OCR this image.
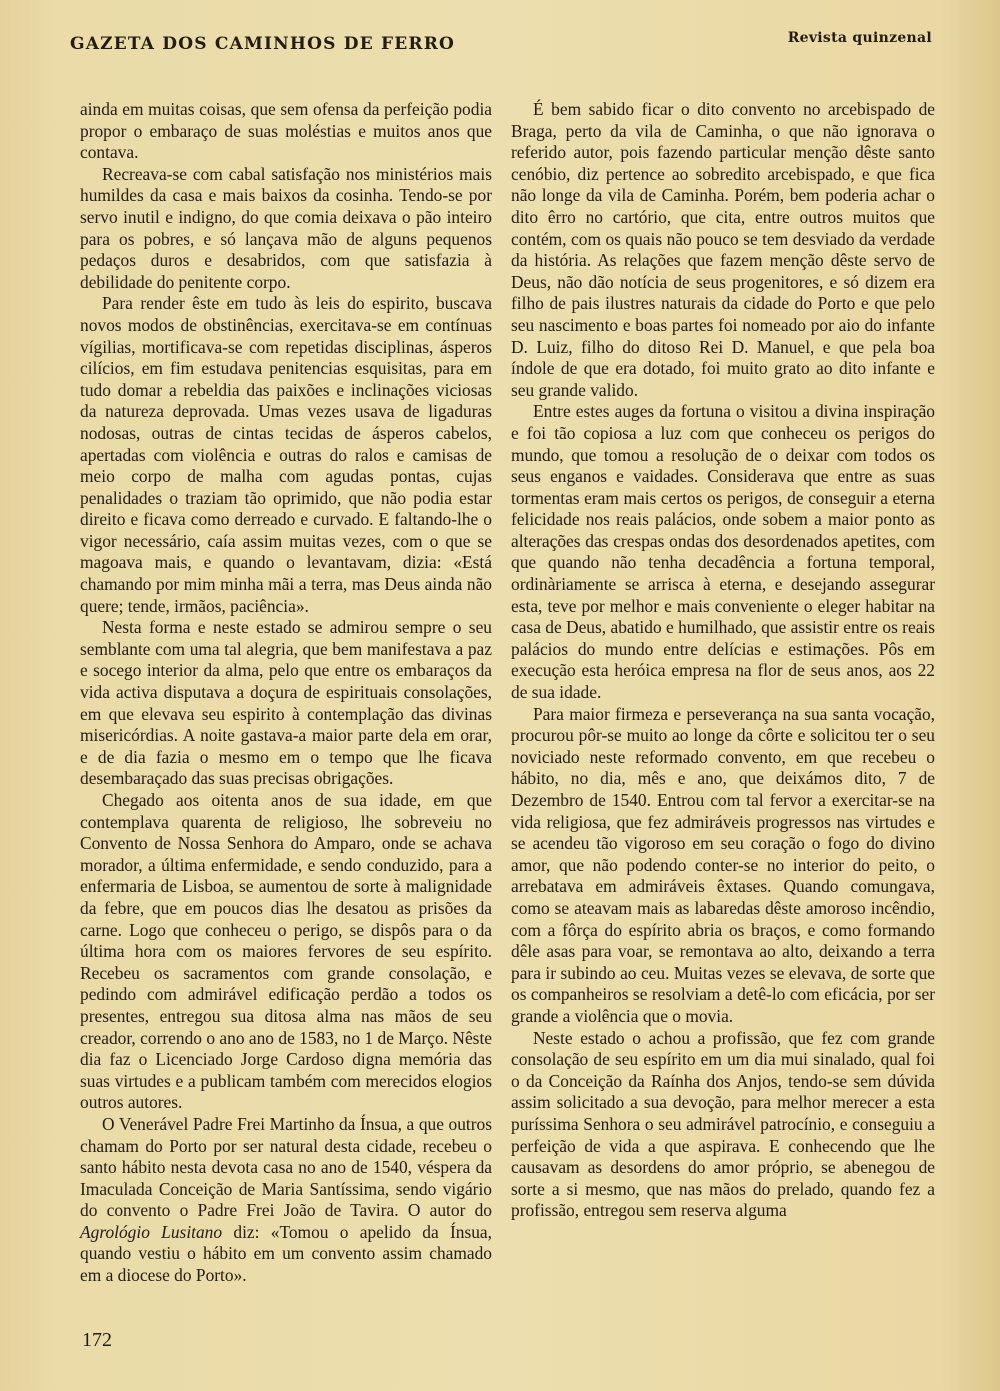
GAZETA DOS CAMINHOS DE FERRO	Revista quinzenal

ainda em muitas coisas, que sem ofensa da perfeição podia propor o embaraço de suas moléstias e muitos anos que contava.

Recreava-se com cabal satisfação nos ministérios mais humildes da casa e mais baixos da cosinha. Tendo-se por servo inutil e indigno, do que comia deixava o pão inteiro para os pobres, e só lançava mão de alguns pequenos pedaços duros e desabridos, com que satisfazia à debilidade do penitente corpo.

Para render êste em tudo às leis do espirito, buscava novos modos de obstinências, exercitava-se em contínuas vígilias, mortificava-se com repetidas disciplinas, ásperos cilícios, em fim estudava penitencias esquisitas, para em tudo domar a rebeldia das paixões e inclinações viciosas da natureza deprovada. Umas vezes usava de ligaduras nodosas, outras de cintas tecidas de ásperos cabelos, apertadas com violência e outras do ralos e camisas de meio corpo de malha com agudas pontas, cujas penalidades o traziam tão oprimido, que não podia estar direito e ficava como derreado e curvado. E faltando-lhe o vigor necessário, caía assim muitas vezes, com o que se magoava mais, e quando o levantavam, dizia: «Está chamando por mim minha mãi a terra, mas Deus ainda não quere; tende, irmãos, paciência».

Nesta forma e neste estado se admirou sempre o seu semblante com uma tal alegria, que bem manifestava a paz e socego interior da alma, pelo que entre os embaraços da vida activa disputava a doçura de espirituais consolações, em que elevava seu espirito à contemplação das divinas misericórdias. A noite gastava-a maior parte dela em orar, e de dia fazia o mesmo em o tempo que lhe ficava desembaraçado das suas precisas obrigações.

Chegado aos oitenta anos de sua idade, em que contemplava quarenta de religioso, lhe sobreveiu no Convento de Nossa Senhora do Amparo, onde se achava morador, a última enfermidade, e sendo conduzido, para a enfermaria de Lisboa, se aumentou de sorte à malignidade da febre, que em poucos dias lhe desatou as prisões da carne. Logo que conheceu o perigo, se dispôs para o da última hora com os maiores fervores de seu espírito. Recebeu os sacramentos com grande consolação, e pedindo com admirável edificação perdão a todos os presentes, entregou sua ditosa alma nas mãos de seu creador, correndo o ano ano de 1583, no 1 de Março. Nêste dia faz o Licenciado Jorge Cardoso digna memória das suas virtudes e a publicam também com merecidos elogios outros autores.

O Venerável Padre Frei Martinho da Ínsua, a que outros chamam do Porto por ser natural desta cidade, recebeu o santo hábito nesta devota casa no ano de 1540, véspera da Imaculada Conceição de Maria Santíssima, sendo vigário do convento o Padre Frei João de Tavira. O autor do Agrológio Lusitano diz: «Tomou o apelido da Ínsua, quando vestiu o hábito em um convento assim chamado em a diocese do Porto».

É bem sabido ficar o dito convento no arcebispado de Braga, perto da vila de Caminha, o que não ignorava o referido autor, pois fazendo particular menção dêste santo cenóbio, diz pertence ao sobredito arcebispado, e que fica não longe da vila de Caminha. Porém, bem poderia achar o dito êrro no cartório, que cita, entre outros muitos que contém, com os quais não pouco se tem desviado da verdade da história. As relações que fazem menção dêste servo de Deus, não dão notícia de seus progenitores, e só dizem era filho de pais ilustres naturais da cidade do Porto e que pelo seu nascimento e boas partes foi nomeado por aio do infante D. Luiz, filho do ditoso Rei D. Manuel, e que pela boa índole de que era dotado, foi muito grato ao dito infante e seu grande valido.

Entre estes auges da fortuna o visitou a divina inspiração e foi tão copiosa a luz com que conheceu os perigos do mundo, que tomou a resolução de o deixar com todos os seus enganos e vaidades. Considerava que entre as suas tormentas eram mais certos os perigos, de conseguir a eterna felicidade nos reais palácios, onde sobem a maior ponto as alterações das crespas ondas dos desordenados apetites, com que quando não tenha decadência a fortuna temporal, ordinàriamente se arrisca à eterna, e desejando assegurar esta, teve por melhor e mais conveniente o eleger habitar na casa de Deus, abatido e humilhado, que assistir entre os reais palácios do mundo entre delícias e estimações. Pôs em execução esta heróica empresa na flor de seus anos, aos 22 de sua idade.

Para maior firmeza e perseverança na sua santa vocação, procurou pôr-se muito ao longe da côrte e solicitou ter o seu noviciado neste reformado convento, em que recebeu o hábito, no dia, mês e ano, que deixámos dito, 7 de Dezembro de 1540. Entrou com tal fervor a exercitar-se na vida religiosa, que fez admiráveis progressos nas virtudes e se acendeu tão vigoroso em seu coração o fogo do divino amor, que não podendo conter-se no interior do peito, o arrebatava em admiráveis êxtases. Quando comungava, como se ateavam mais as labaredas dêste amoroso incêndio, com a fôrça do espírito abria os braços, e como formando dêle asas para voar, se remontava ao alto, deixando a terra para ir subindo ao ceu. Muitas vezes se elevava, de sorte que os companheiros se resolviam a detê-lo com eficácia, por ser grande a violência que o movia.

Neste estado o achou a profissão, que fez com grande consolação de seu espírito em um dia mui sinalado, qual foi o da Conceição da Raínha dos Anjos, tendo-se sem dúvida assim solicitado a sua devoção, para melhor merecer a esta puríssima Senhora o seu admirável patrocínio, e conseguiu a perfeição de vida a que aspirava. E conhecendo que lhe causavam as desordens do amor próprio, se abenegou de sorte a si mesmo, que nas mãos do prelado, quando fez a profissão, entregou sem reserva alguma

172
